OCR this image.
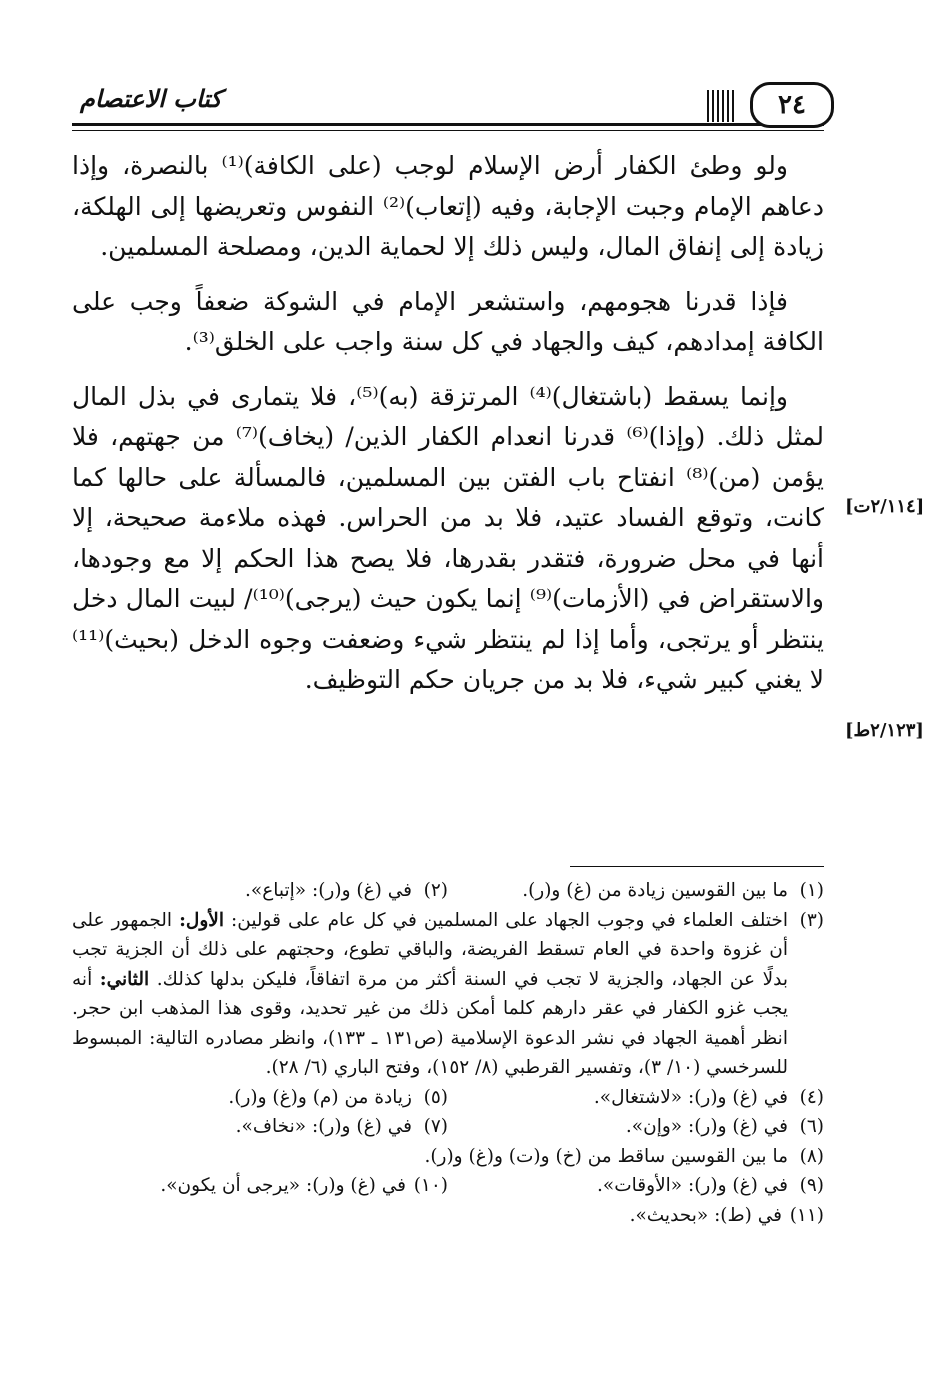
كتاب الاعتصام	٢٤

ولو وطئ الكفار أرض الإسلام لوجب (على الكافة)⁽¹⁾ بالنصرة، وإذا دعاهم الإمام وجبت الإجابة، وفيه (إتعاب)⁽²⁾ النفوس وتعريضها إلى الهلكة، زيادة إلى إنفاق المال، وليس ذلك إلا لحماية الدين، ومصلحة المسلمين.

فإذا قدرنا هجومهم، واستشعر الإمام في الشوكة ضعفاً وجب على الكافة إمدادهم، كيف والجهاد في كل سنة واجب على الخلق⁽³⁾.

وإنما يسقط (باشتغال)⁽⁴⁾ المرتزقة (به)⁽⁵⁾، فلا يتمارى في بذل المال لمثل ذلك. (وإذا)⁽⁶⁾ قدرنا انعدام الكفار الذين/ (يخاف)⁽⁷⁾ من جهتهم، فلا يؤمن (من)⁽⁸⁾ انفتاح باب الفتن بين المسلمين، فالمسألة على حالها كما كانت، وتوقع الفساد عتيد، فلا بد من الحراس. فهذه ملاءمة صحيحة، إلا أنها في محل ضرورة، فتقدر بقدرها، فلا يصح هذا الحكم إلا مع وجودها، والاستقراض في (الأزمات)⁽⁹⁾ إنما يكون حيث (يرجى)⁽¹⁰⁾/ لبيت المال دخل ينتظر أو يرتجى، وأما إذا لم ينتظر شيء وضعفت وجوه الدخل (بحيث)⁽¹¹⁾ لا يغني كبير شيء، فلا بد من جريان حكم التوظيف.

[٢/١١٤ت]
[٢/١٢٣ط]

(١)
ما بين القوسين زيادة من (غ) و(ر).

(٢)
في (غ) و(ر): «إتباع».

(٣)
اختلف العلماء في وجوب الجهاد على المسلمين في كل عام على قولين: الأول: الجمهور على أن غزوة واحدة في العام تسقط الفريضة، والباقي تطوع، وحجتهم على ذلك أن الجزية تجب بدلًا عن الجهاد، والجزية لا تجب في السنة أكثر من مرة اتفاقاً، فليكن بدلها كذلك. الثاني: أنه يجب غزو الكفار في عقر دارهم كلما أمكن ذلك من غير تحديد، وقوى هذا المذهب ابن حجر. انظر أهمية الجهاد في نشر الدعوة الإسلامية (ص١٣١ ـ ١٣٣)، وانظر مصادره التالية: المبسوط للسرخسي (١٠/ ٣)، وتفسير القرطبي (٨/ ١٥٢)، وفتح الباري (٦/ ٢٨).

(٤)
في (غ) و(ر): «لاشتغال».

(٥)
زيادة من (م) و(غ) و(ر).

(٦)
في (غ) و(ر): «وإن».

(٧)
في (غ) و(ر): «نخاف».

(٨)
ما بين القوسين ساقط من (خ) و(ت) و(غ) و(ر).

(٩)
في (غ) و(ر): «الأوقات».

(١٠)
في (غ) و(ر): «يرجى أن يكون».

(١١)
في (ط): «بحديث».
